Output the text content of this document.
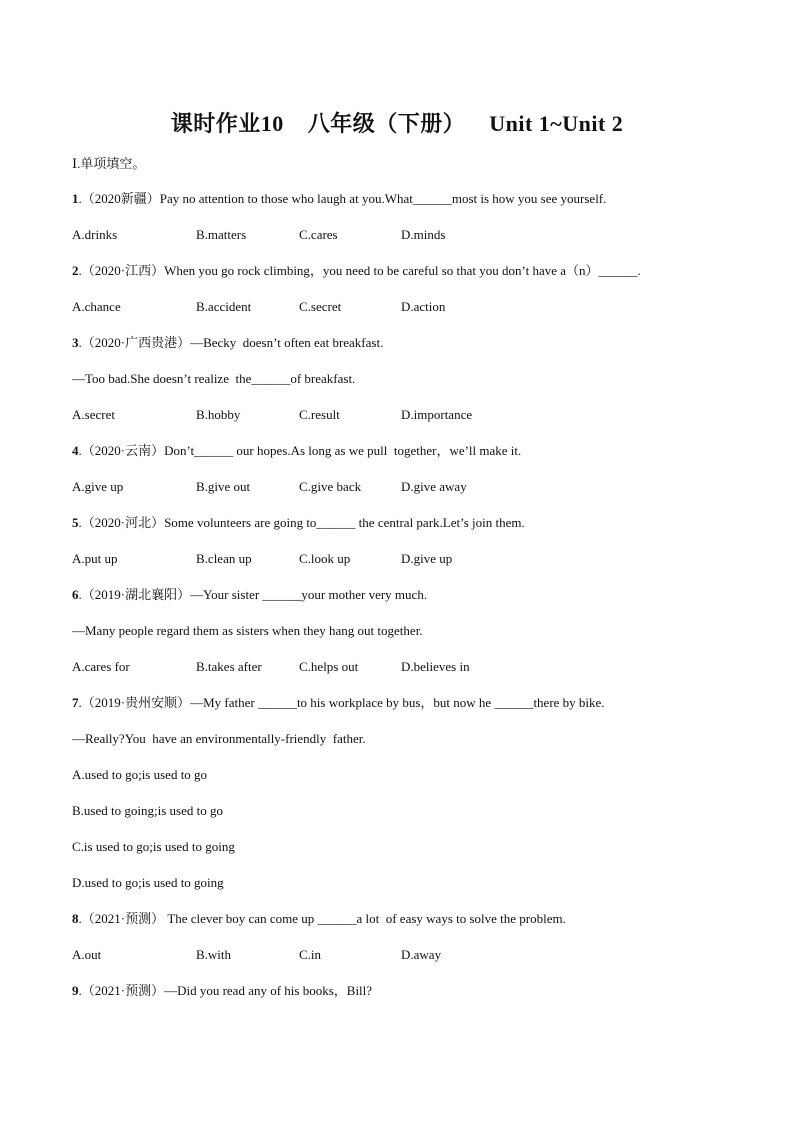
课时作业10    八年级（下册）    Unit 1~Unit 2
Ⅰ.单项填空。
1.（2020新疆）Pay no attention to those who laugh at you.What______most is how you see yourself.
A.drinks	B.matters	C.cares	D.minds
2.（2020·江西）When you go rock climbing，you need to be careful so that you don’t have a（n）______.
A.chance	B.accident	C.secret	D.action
3.（2020·广西贵港）—Becky  doesn’t often eat breakfast.
—Too bad.She doesn’t realize  the______of breakfast.
A.secret	B.hobby	C.result	D.importance
4.（2020·云南）Don’t______ our hopes.As long as we pull  together，we’ll make it.
A.give up	B.give out	C.give back	D.give away
5.（2020·河北）Some volunteers are going to______ the central park.Let’s join them.
A.put up	B.clean up	C.look up	D.give up
6.（2019·湖北襄阳）—Your sister ______your mother very much.
—Many people regard them as sisters when they hang out together.
A.cares for	B.takes after	C.helps out	D.believes in
7.（2019·贵州安顺）—My father ______to his workplace by bus，but now he ______there by bike.
—Really?You  have an environmentally-friendly  father.
A.used to go;is used to go
B.used to going;is used to go
C.is used to go;is used to going
D.used to go;is used to going
8.（2021·预测） The clever boy can come up ______a lot  of easy ways to solve the problem.
A.out	B.with	C.in	D.away
9.（2021·预测）—Did you read any of his books，Bill?
